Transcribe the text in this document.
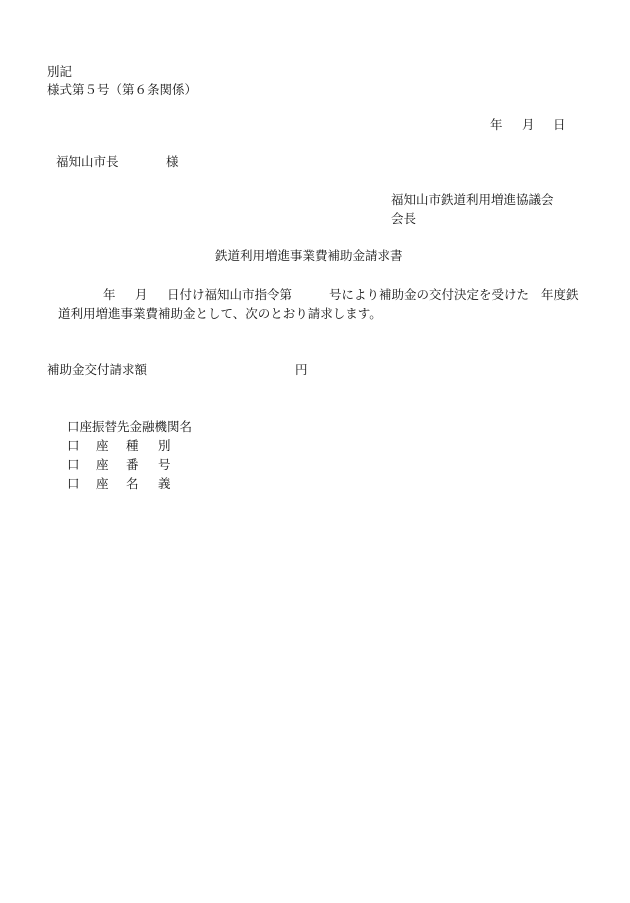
別記
様式第５号（第６条関係）
年 月 日
福知山市長	様
福知山市鉄道利用増進協議会
会長
鉄道利用増進事業費補助金請求書
年 月 日付け福知山市指令第	号により補助金の交付決定を受けた 年度鉄
道利用増進事業費補助金として、次のとおり請求します。
補助金交付請求額	円
口座振替先金融機関名
口 座 種 別
口 座 番 号
口 座 名 義
